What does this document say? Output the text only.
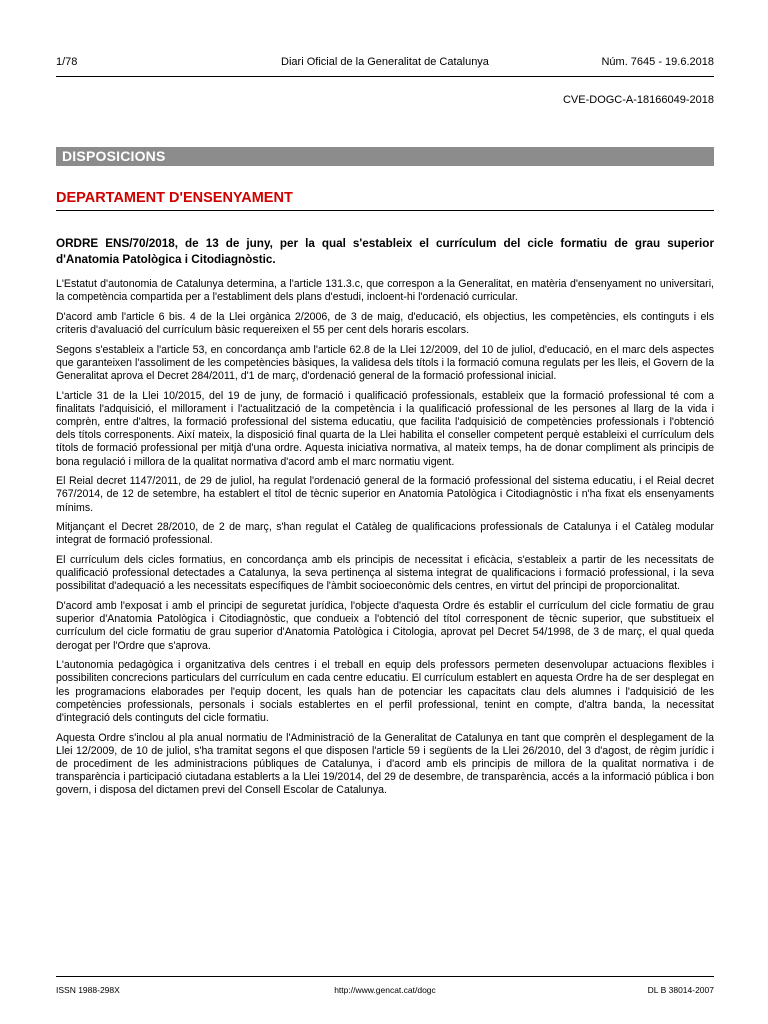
1/78	Diari Oficial de la Generalitat de Catalunya	Núm. 7645 - 19.6.2018
CVE-DOGC-A-18166049-2018
DISPOSICIONS
DEPARTAMENT D'ENSENYAMENT
ORDRE ENS/70/2018, de 13 de juny, per la qual s'estableix el currículum del cicle formatiu de grau superior d'Anatomia Patològica i Citodiagnòstic.

L'Estatut d'autonomia de Catalunya determina, a l'article 131.3.c, que correspon a la Generalitat, en matèria d'ensenyament no universitari, la competència compartida per a l'establiment dels plans d'estudi, incloent-hi l'ordenació curricular.

D'acord amb l'article 6 bis. 4 de la Llei orgànica 2/2006, de 3 de maig, d'educació, els objectius, les competències, els continguts i els criteris d'avaluació del currículum bàsic requereixen el 55 per cent dels horaris escolars.

Segons s'estableix a l'article 53, en concordança amb l'article 62.8 de la Llei 12/2009, del 10 de juliol, d'educació, en el marc dels aspectes que garanteixen l'assoliment de les competències bàsiques, la validesa dels títols i la formació comuna regulats per les lleis, el Govern de la Generalitat aprova el Decret 284/2011, d'1 de març, d'ordenació general de la formació professional inicial.

L'article 31 de la Llei 10/2015, del 19 de juny, de formació i qualificació professionals, estableix que la formació professional té com a finalitats l'adquisició, el millorament i l'actualització de la competència i la qualificació professional de les persones al llarg de la vida i comprèn, entre d'altres, la formació professional del sistema educatiu, que facilita l'adquisició de competències professionals i l'obtenció dels títols corresponents. Així mateix, la disposició final quarta de la Llei habilita el conseller competent perquè estableixi el currículum dels títols de formació professional per mitjà d'una ordre. Aquesta iniciativa normativa, al mateix temps, ha de donar compliment als principis de bona regulació i millora de la qualitat normativa d'acord amb el marc normatiu vigent.

El Reial decret 1147/2011, de 29 de juliol, ha regulat l'ordenació general de la formació professional del sistema educatiu, i el Reial decret 767/2014, de 12 de setembre, ha establert el títol de tècnic superior en Anatomia Patològica i Citodiagnòstic i n'ha fixat els ensenyaments mínims.

Mitjançant el Decret 28/2010, de 2 de març, s'han regulat el Catàleg de qualificacions professionals de Catalunya i el Catàleg modular integrat de formació professional.

El currículum dels cicles formatius, en concordança amb els principis de necessitat i eficàcia, s'estableix a partir de les necessitats de qualificació professional detectades a Catalunya, la seva pertinença al sistema integrat de qualificacions i formació professional, i la seva possibilitat d'adequació a les necessitats específiques de l'àmbit socioeconòmic dels centres, en virtut del principi de proporcionalitat.

D'acord amb l'exposat i amb el principi de seguretat jurídica, l'objecte d'aquesta Ordre és establir el currículum del cicle formatiu de grau superior d'Anatomia Patològica i Citodiagnòstic, que condueix a l'obtenció del títol corresponent de tècnic superior, que substitueix el currículum del cicle formatiu de grau superior d'Anatomia Patològica i Citologia, aprovat pel Decret 54/1998, de 3 de març, el qual queda derogat per l'Ordre que s'aprova.

L'autonomia pedagògica i organitzativa dels centres i el treball en equip dels professors permeten desenvolupar actuacions flexibles i possibiliten concrecions particulars del currículum en cada centre educatiu. El currículum establert en aquesta Ordre ha de ser desplegat en les programacions elaborades per l'equip docent, les quals han de potenciar les capacitats clau dels alumnes i l'adquisició de les competències professionals, personals i socials establertes en el perfil professional, tenint en compte, d'altra banda, la necessitat d'integració dels continguts del cicle formatiu.

Aquesta Ordre s'inclou al pla anual normatiu de l'Administració de la Generalitat de Catalunya en tant que comprèn el desplegament de la Llei 12/2009, de 10 de juliol, s'ha tramitat segons el que disposen l'article 59 i següents de la Llei 26/2010, del 3 d'agost, de règim jurídic i de procediment de les administracions públiques de Catalunya, i d'acord amb els principis de millora de la qualitat normativa i de transparència i participació ciutadana establerts a la Llei 19/2014, del 29 de desembre, de transparència, accés a la informació pública i bon govern, i disposa del dictamen previ del Consell Escolar de Catalunya.

ISSN 1988-298X	http://www.gencat.cat/dogc	DL B 38014-2007
